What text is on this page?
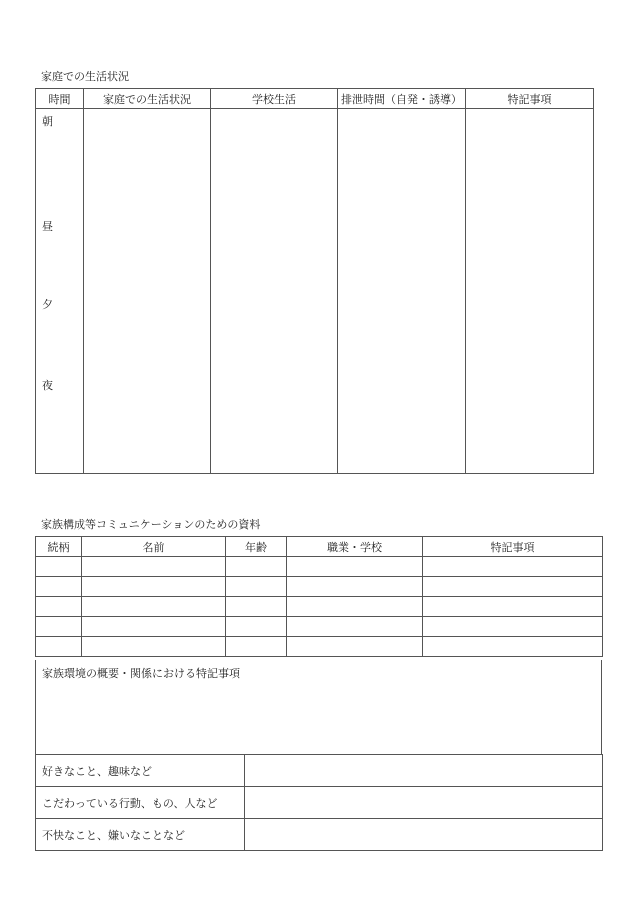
家庭での生活状況
時間	家庭での生活状況	学校生活	排泄時間（自発・誘導）	特記事項

朝
昼
夕
夜				

家族構成等コミュニケーションのための資料
続柄	名前	年齢	職業・学校	特記事項

家族環境の概要・関係における特記事項
好きなこと、趣味など	
こだわっている行動、もの、人など	
不快なこと、嫌いなことなど	
